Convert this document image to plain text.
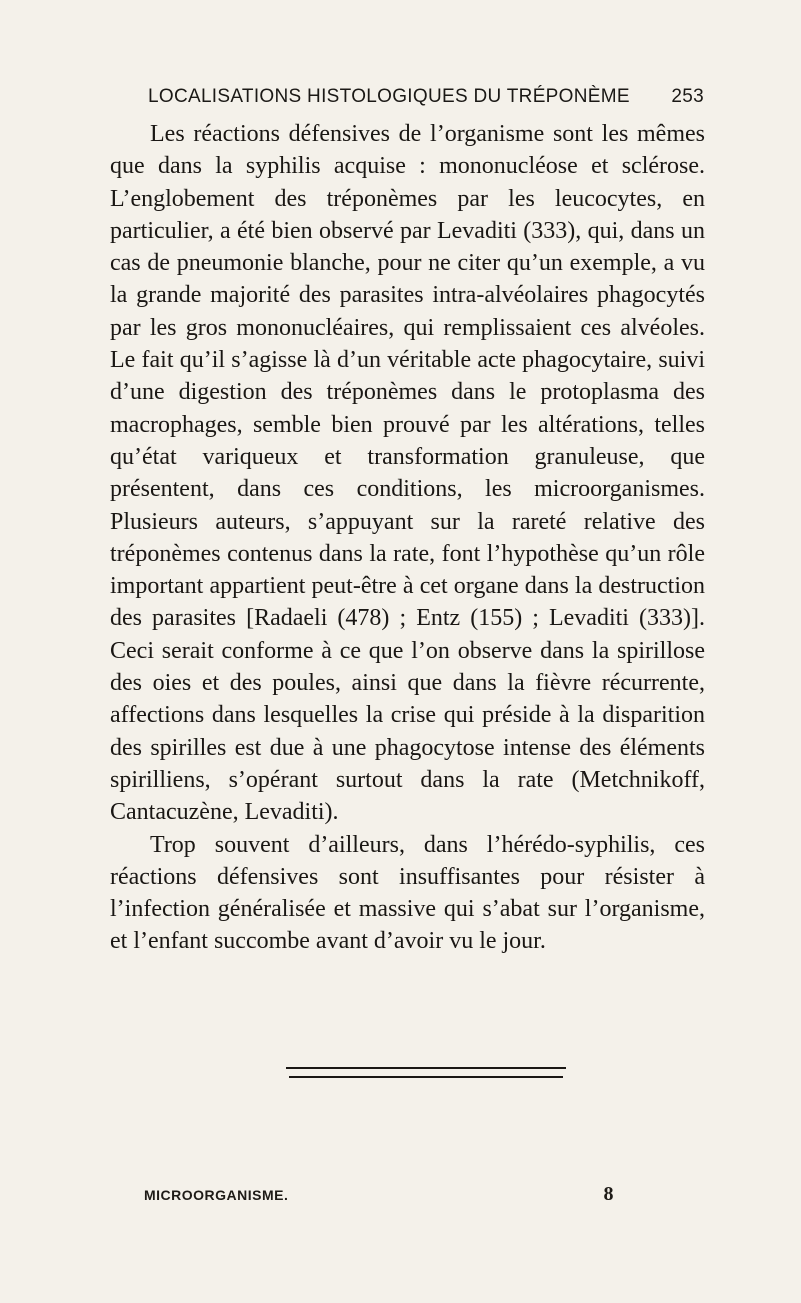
LOCALISATIONS HISTOLOGIQUES DU TRÉPONÈME 253

Les réactions défensives de l’organisme sont les mêmes que dans la syphilis acquise : mononucléose et sclérose. L’englobement des tréponèmes par les leucocytes, en particulier, a été bien observé par Levaditi (333), qui, dans un cas de pneumonie blanche, pour ne citer qu’un exemple, a vu la grande majorité des parasites intra-alvéolaires phagocytés par les gros mononucléaires, qui remplissaient ces alvéoles. Le fait qu’il s’agisse là d’un véritable acte phagocytaire, suivi d’une digestion des tréponèmes dans le protoplasma des macrophages, semble bien prouvé par les altérations, telles qu’état variqueux et transformation granuleuse, que présentent, dans ces conditions, les microorganismes. Plusieurs auteurs, s’appuyant sur la rareté relative des tréponèmes contenus dans la rate, font l’hypothèse qu’un rôle important appartient peut-être à cet organe dans la destruction des parasites [Radaeli (478) ; Entz (155) ; Levaditi (333)]. Ceci serait conforme à ce que l’on observe dans la spirillose des oies et des poules, ainsi que dans la fièvre récurrente, affections dans lesquelles la crise qui préside à la disparition des spirilles est due à une phagocytose intense des éléments spirilliens, s’opérant surtout dans la rate (Metchnikoff, Cantacuzène, Levaditi).

Trop souvent d’ailleurs, dans l’hérédo-syphilis, ces réactions défensives sont insuffisantes pour résister à l’infection généralisée et massive qui s’abat sur l’organisme, et l’enfant succombe avant d’avoir vu le jour.

MICROORGANISME.	8
